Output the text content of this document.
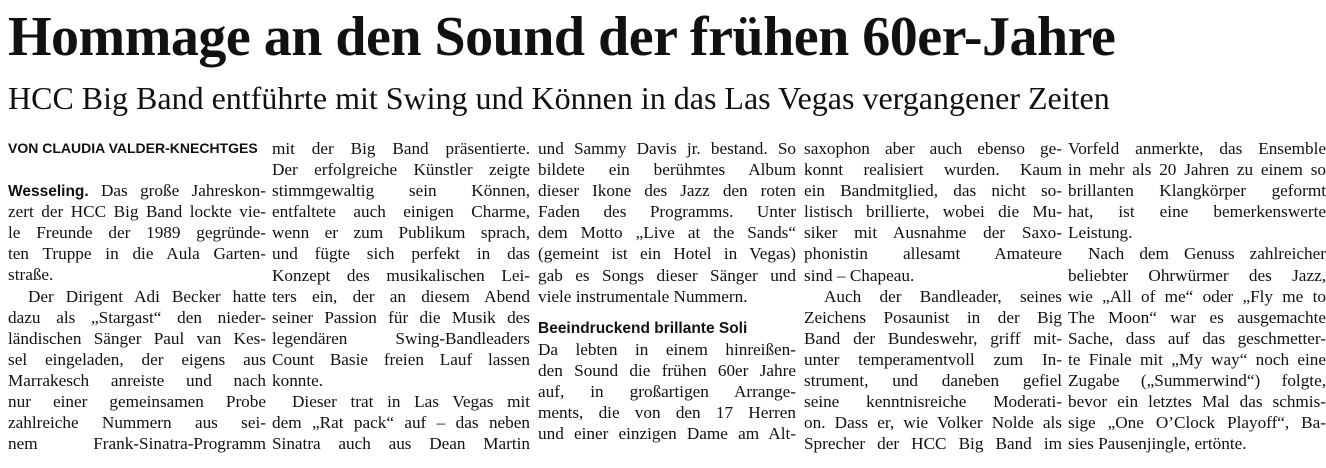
Hommage an den Sound der frühen 60er-Jahre
HCC Big Band entführte mit Swing und Können in das Las Vegas vergangener Zeiten
VON CLAUDIA VALDER-KNECHTGES
Wesseling. Das große Jahreskon-
zert der HCC Big Band lockte vie-
le Freunde der 1989 gegründe-
ten Truppe in die Aula Garten-
straße.
Der Dirigent Adi Becker hatte
dazu als „Stargast“ den nieder-
ländischen Sänger Paul van Kes-
sel eingeladen, der eigens aus
Marrakesch anreiste und nach
nur einer gemeinsamen Probe
zahlreiche Nummern aus sei-
nem Frank-Sinatra-Programm
mit der Big Band präsentierte.
Der erfolgreiche Künstler zeigte
stimmgewaltig sein Können,
entfaltete auch einigen Charme,
wenn er zum Publikum sprach,
und fügte sich perfekt in das
Konzept des musikalischen Lei-
ters ein, der an diesem Abend
seiner Passion für die Musik des
legendären Swing-Bandleaders
Count Basie freien Lauf lassen
konnte.
Dieser trat in Las Vegas mit
dem „Rat pack“ auf – das neben
Sinatra auch aus Dean Martin
und Sammy Davis jr. bestand. So
bildete ein berühmtes Album
dieser Ikone des Jazz den roten
Faden des Programms. Unter
dem Motto „Live at the Sands“
(gemeint ist ein Hotel in Vegas)
gab es Songs dieser Sänger und
viele instrumentale Nummern.
Beeindruckend brillante Soli
Da lebten in einem hinreißen-
den Sound die frühen 60er Jahre
auf, in großartigen Arrange-
ments, die von den 17 Herren
und einer einzigen Dame am Alt-
saxophon aber auch ebenso ge-
konnt realisiert wurden. Kaum
ein Bandmitglied, das nicht so-
listisch brillierte, wobei die Mu-
siker mit Ausnahme der Saxo-
phonistin allesamt Amateure
sind – Chapeau.
Auch der Bandleader, seines
Zeichens Posaunist in der Big
Band der Bundeswehr, griff mit-
unter temperamentvoll zum In-
strument, und daneben gefiel
seine kenntnisreiche Moderati-
on. Dass er, wie Volker Nolde als
Sprecher der HCC Big Band im
Vorfeld anmerkte, das Ensemble
in mehr als 20 Jahren zu einem so
brillanten Klangkörper geformt
hat, ist eine bemerkenswerte
Leistung.
Nach dem Genuss zahlreicher
beliebter Ohrwürmer des Jazz,
wie „All of me“ oder „Fly me to
The Moon“ war es ausgemachte
Sache, dass auf das geschmetter-
te Finale mit „My way“ noch eine
Zugabe („Summerwind“) folgte,
bevor ein letztes Mal das schmis-
sige „One O’Clock Playoff“, Ba-
sies Pausenjingle, ertönte.
